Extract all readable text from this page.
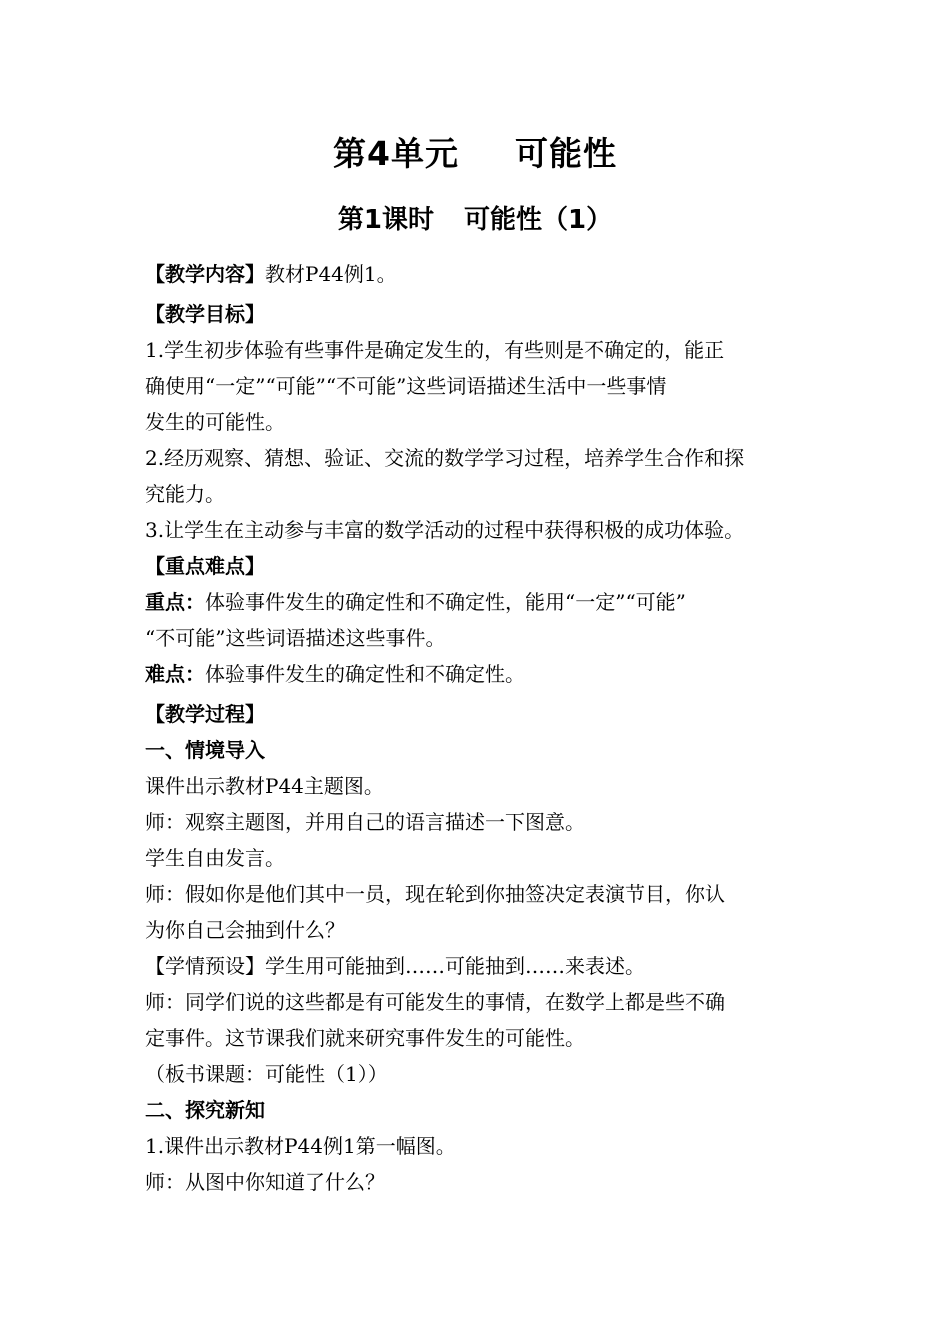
第4单元 可能性
第1课时 可能性（1）
【教学内容】教材P44例1。
【教学目标】
1.学生初步体验有些事件是确定发生的，有些则是不确定的，能正
确使用“一定”“可能”“不可能”这些词语描述生活中一些事情
发生的可能性。
2.经历观察、猜想、验证、交流的数学学习过程，培养学生合作和探
究能力。
3.让学生在主动参与丰富的数学活动的过程中获得积极的成功体验。
【重点难点】
重点：体验事件发生的确定性和不确定性，能用“一定”“可能”
“不可能”这些词语描述这些事件。
难点：体验事件发生的确定性和不确定性。
【教学过程】
一、情境导入
课件出示教材P44主题图。
师：观察主题图，并用自己的语言描述一下图意。
学生自由发言。
师：假如你是他们其中一员，现在轮到你抽签决定表演节目，你认
为你自己会抽到什么？
【学情预设】学生用可能抽到……可能抽到……来表述。
师：同学们说的这些都是有可能发生的事情，在数学上都是些不确
定事件。这节课我们就来研究事件发生的可能性。
（板书课题：可能性（1））
二、探究新知
1.课件出示教材P44例1第一幅图。
师：从图中你知道了什么？
